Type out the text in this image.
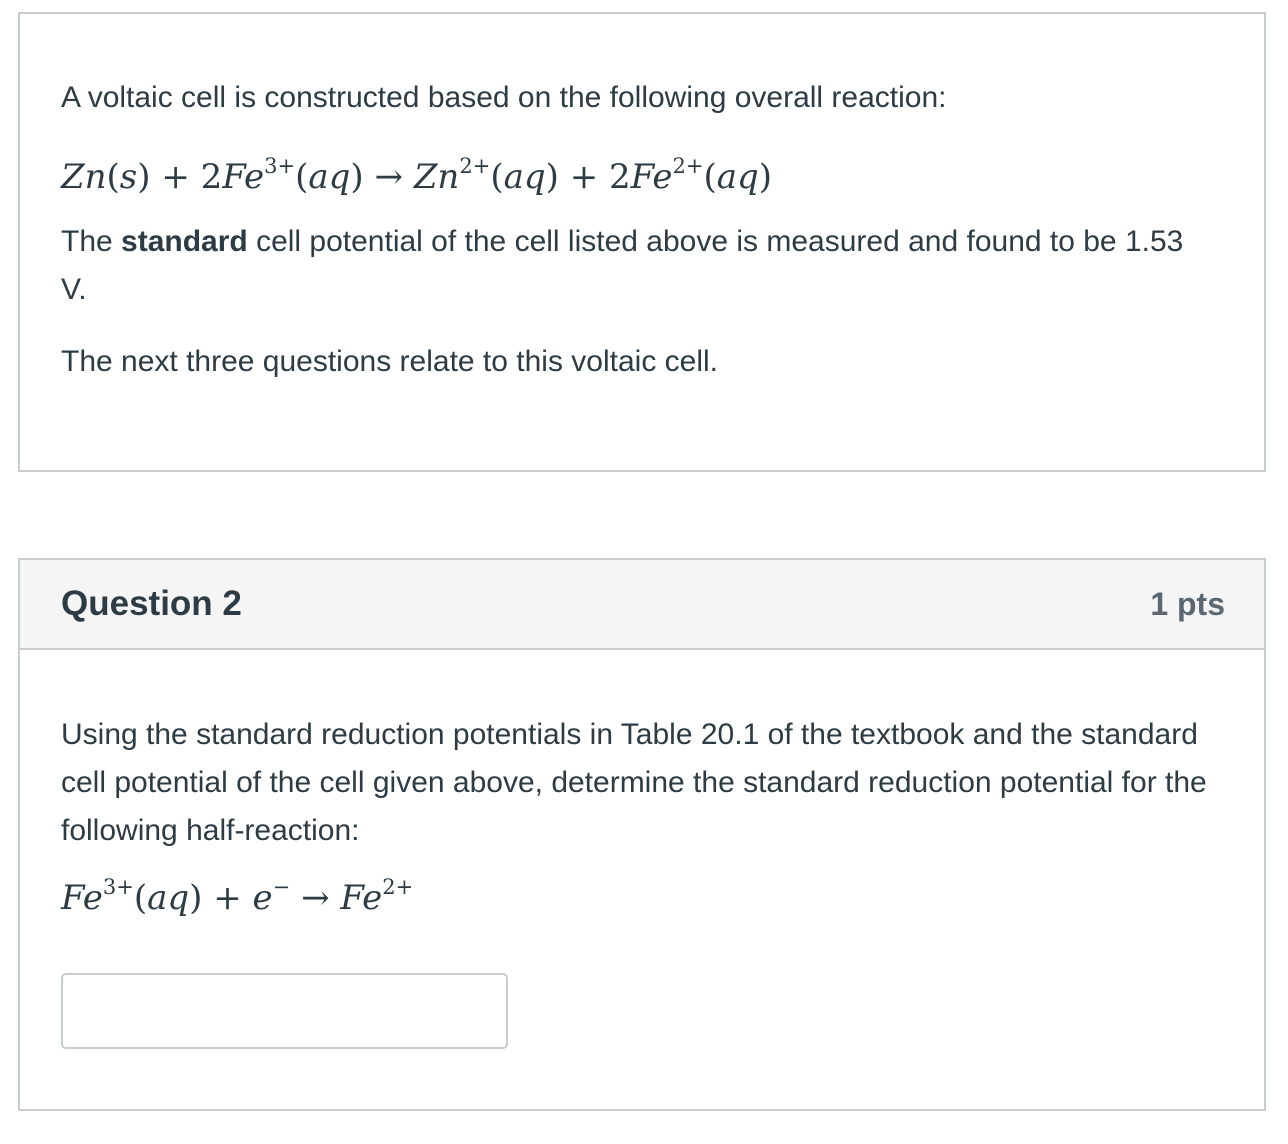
A voltaic cell is constructed based on the following overall reaction:

$Zn(s) + 2Fe^{3+}(aq) \to Zn^{2+}(aq) + 2Fe^{2+}(aq)$

The standard cell potential of the cell listed above is measured and found to be 1.53 V.

The next three questions relate to this voltaic cell.

Question 2	1 pts

Using the standard reduction potentials in Table 20.1 of the textbook and the standard cell potential of the cell given above, determine the standard reduction potential for the following half-reaction:

$Fe^{3+}(aq) + e^- \to Fe^{2+}$
